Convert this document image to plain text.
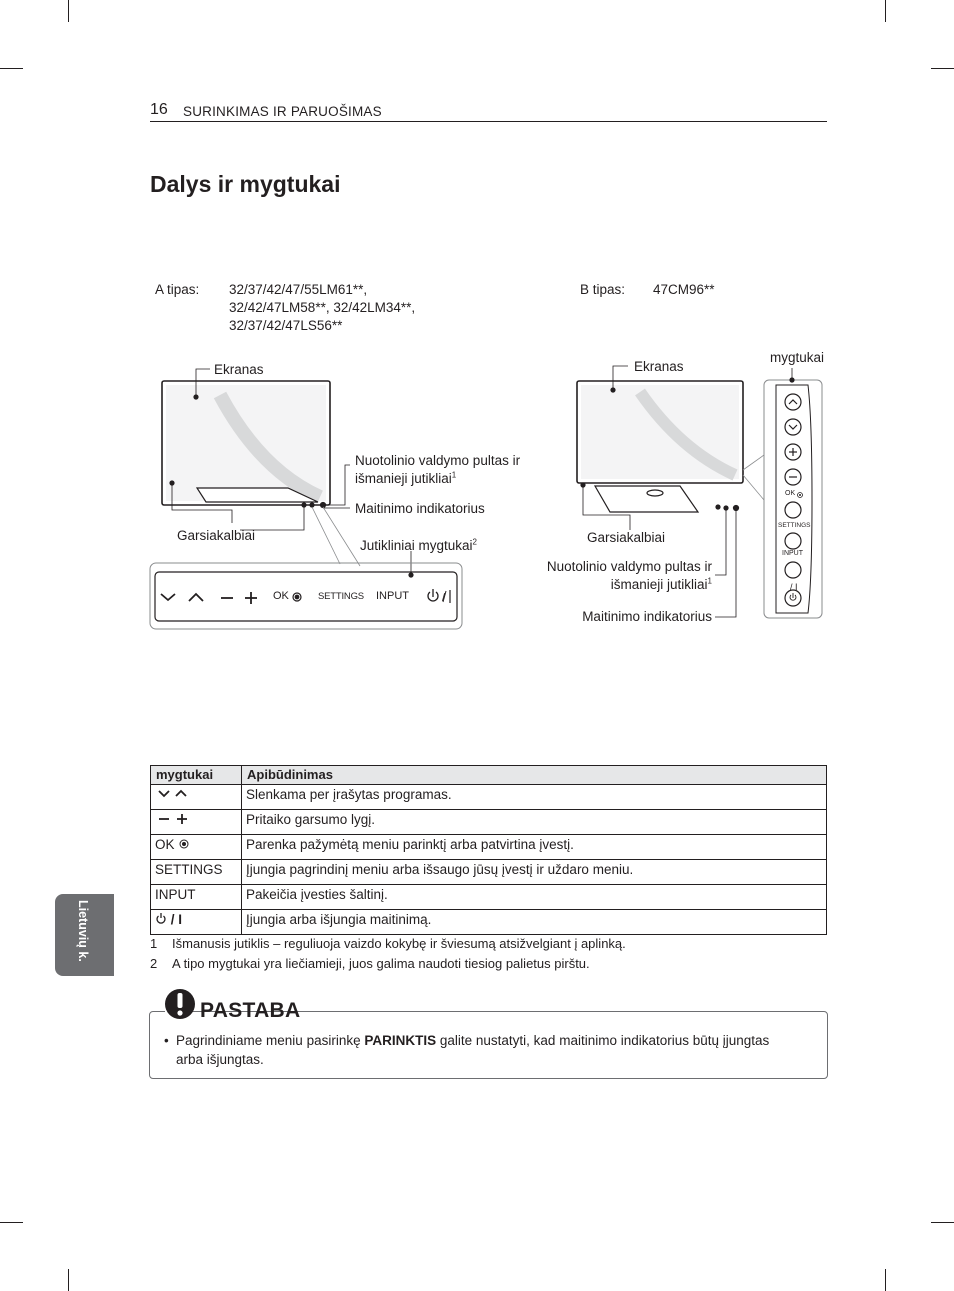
16 SURINKIMAS IR PARUOŠIMAS
Dalys ir mygtukai
A tipas: 32/37/42/47/55LM61**,
32/42/47LM58**, 32/42LM34**,
32/37/42/47LS56**
B tipas: 47CM96**
/
/ I
Ekranas
Nuotolinio valdymo pultas ir
išmanieji jutikliai$^1$
Maitinimo indikatorius
Garsiakalbiai
Jutikliniai mygtukai$^2$
OK	SETTINGS INPUT
mygtukai
Ekranas
Garsiakalbiai
Nuotolinio valdymo pultas ir
išmanieji jutikliai$^1$
Maitinimo indikatorius
OK
SETTINGS
INPUT
mygtukai	Apibūdinimas
	Slenkama per įrašytas programas.
	Pritaiko garsumo lygį.
OK	Parenka pažymėtą meniu parinktį arba patvirtina įvestį.
SETTINGS	Įjungia pagrindinį meniu arba išsaugo jūsų įvestį ir uždaro meniu.
INPUT	Pakeičia įvesties šaltinį.
/ I	Įjungia arba išjungia maitinimą.
1 Išmanusis jutiklis – reguliuoja vaizdo kokybę ir šviesumą atsižvelgiant į aplinką.
2 A tipo mygtukai yra liečiamieji, juos galima naudoti tiesiog palietus pirštu.
Lietuvių k.
PASTABA
• Pagrindiniame meniu pasirinkę PARINKTIS galite nustatyti, kad maitinimo indikatorius būtų įjungtas
arba išjungtas.
